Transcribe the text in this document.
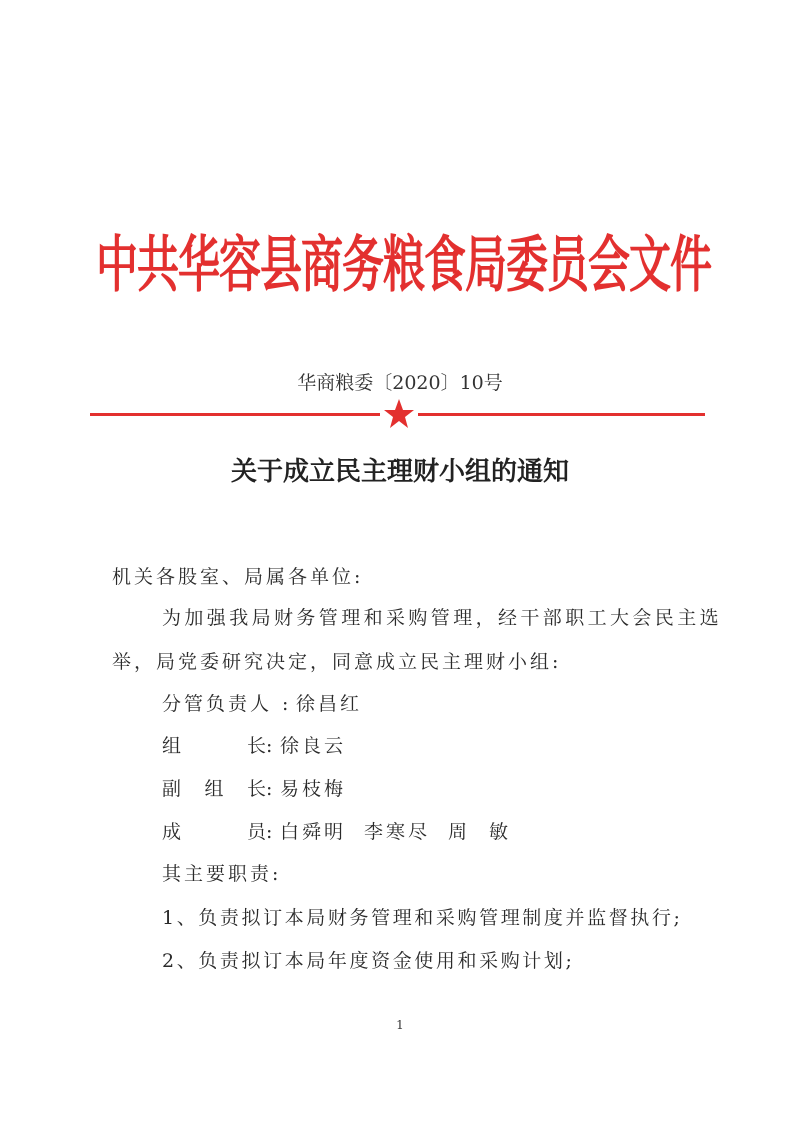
中共华容县商务粮食局委员会文件
华商粮委〔2020〕10号
关于成立民主理财小组的通知
机关各股室、局属各单位:
为加强我局财务管理和采购管理，经干部职工大会民主选
举，局党委研究决定，同意成立民主理财小组:
分管负责人 : 徐昌红
组长: 徐良云
副组长: 易枝梅
成员: 白舜明 李寒尽 周敏
其主要职责:
1、负责拟订本局财务管理和采购管理制度并监督执行;
2、负责拟订本局年度资金使用和采购计划;
1
